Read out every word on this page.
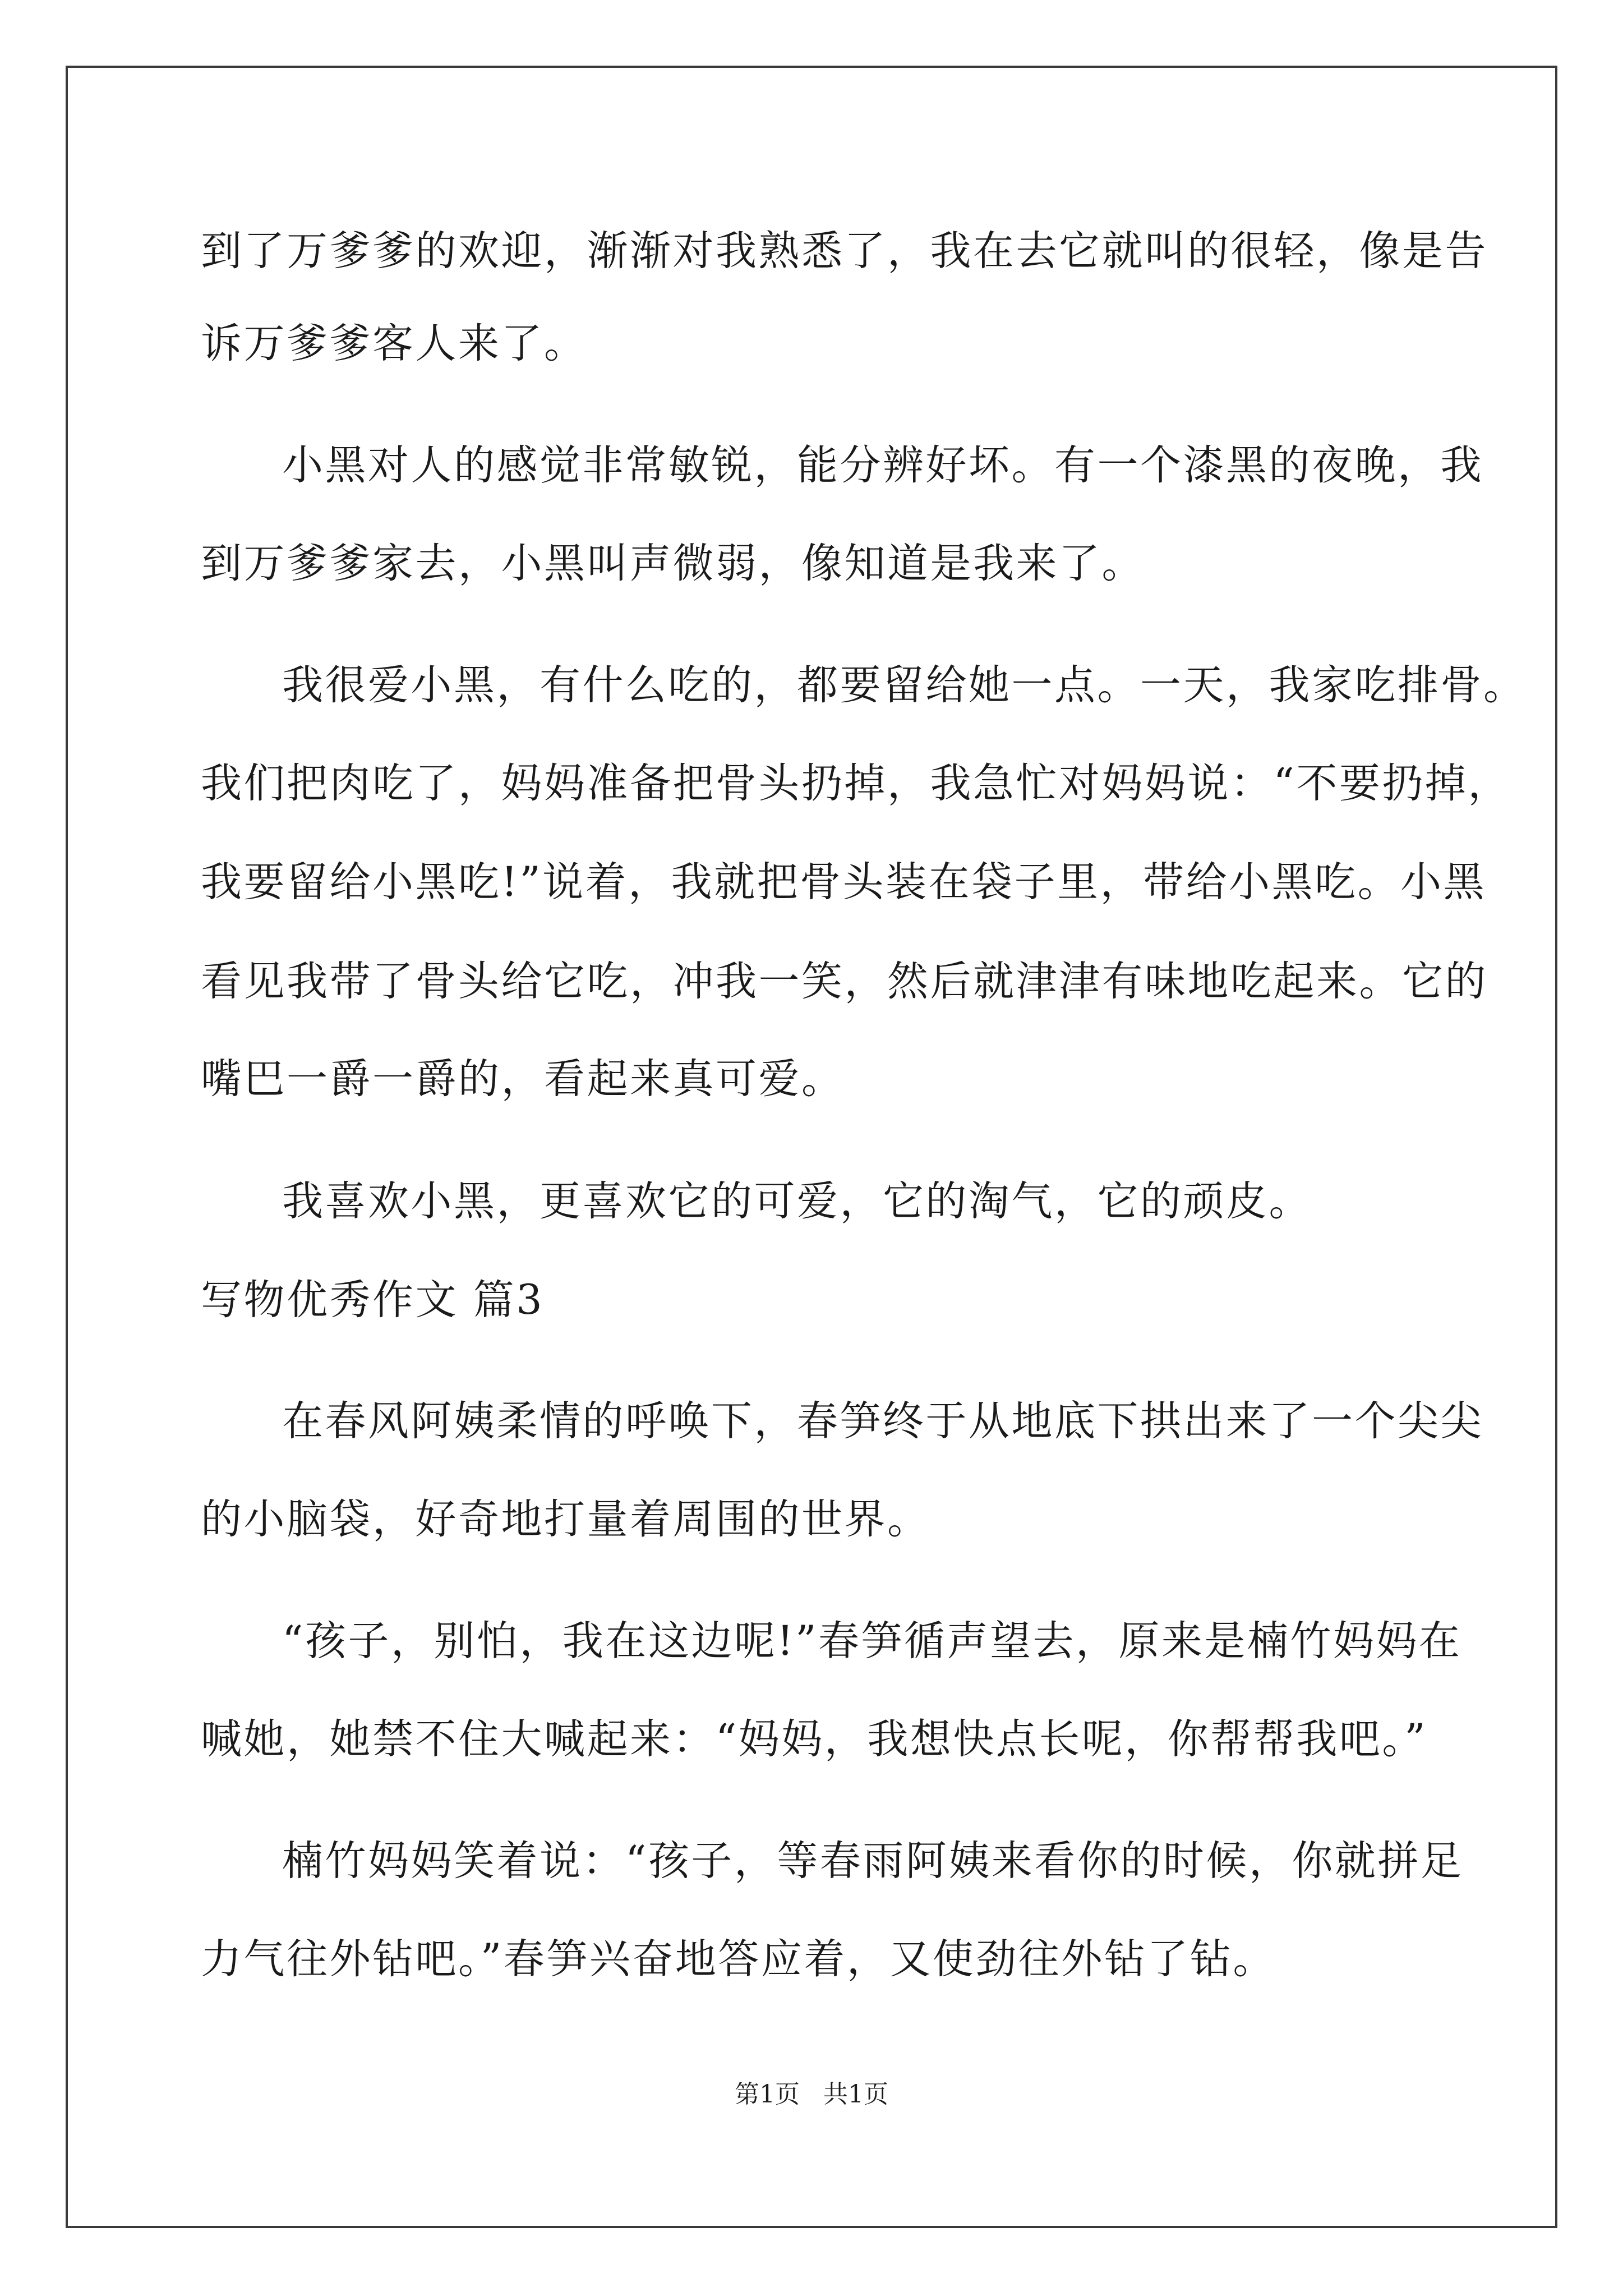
到了万爹爹的欢迎，渐渐对我熟悉了，我在去它就叫的很轻，像是告

诉万爹爹客人来了。

小黑对人的感觉非常敏锐，能分辨好坏。有一个漆黑的夜晚，我

到万爹爹家去，小黑叫声微弱，像知道是我来了。

我很爱小黑，有什么吃的，都要留给她一点。一天，我家吃排骨。

我们把肉吃了，妈妈准备把骨头扔掉，我急忙对妈妈说：“不要扔掉，

我要留给小黑吃!”说着，我就把骨头装在袋子里，带给小黑吃。小黑

看见我带了骨头给它吃，冲我一笑，然后就津津有味地吃起来。它的

嘴巴一爵一爵的，看起来真可爱。

我喜欢小黑，更喜欢它的可爱，它的淘气，它的顽皮。

写物优秀作文 篇3

在春风阿姨柔情的呼唤下，春笋终于从地底下拱出来了一个尖尖

的小脑袋，好奇地打量着周围的世界。

“孩子，别怕，我在这边呢!”春笋循声望去，原来是楠竹妈妈在

喊她，她禁不住大喊起来：“妈妈，我想快点长呢，你帮帮我吧。”

楠竹妈妈笑着说：“孩子，等春雨阿姨来看你的时候，你就拼足

力气往外钻吧。”春笋兴奋地答应着，又使劲往外钻了钻。

第1页   共1页
